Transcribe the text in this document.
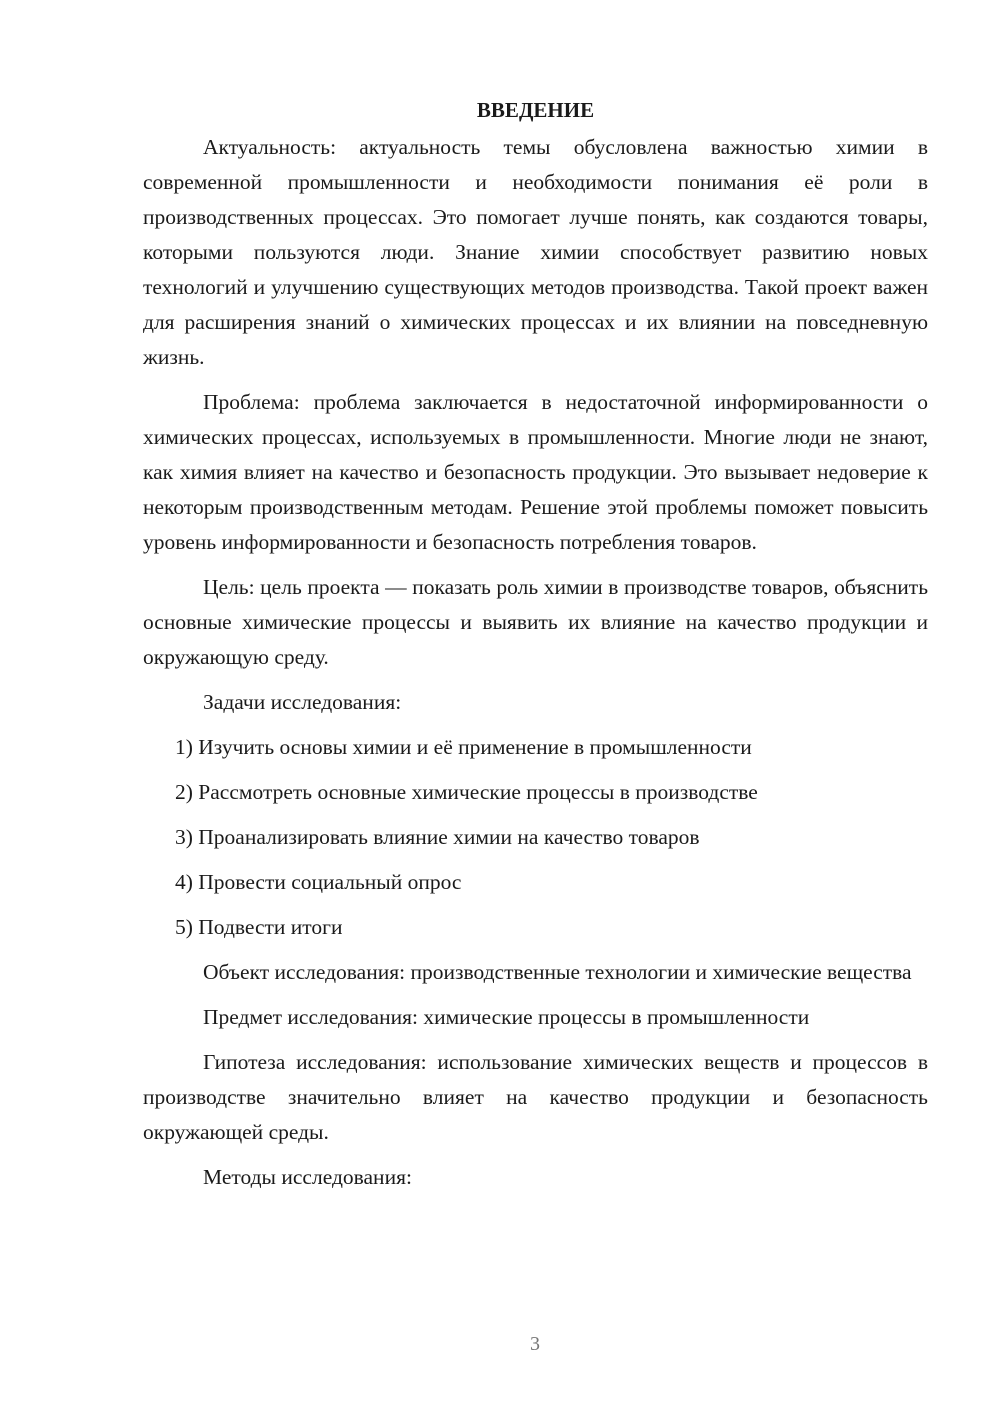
ВВЕДЕНИЕ

Актуальность: актуальность темы обусловлена важностью химии в современной промышленности и необходимости понимания её роли в производственных процессах. Это помогает лучше понять, как создаются товары, которыми пользуются люди. Знание химии способствует развитию новых технологий и улучшению существующих методов производства. Такой проект важен для расширения знаний о химических процессах и их влиянии на повседневную жизнь.

Проблема: проблема заключается в недостаточной информированности о химических процессах, используемых в промышленности. Многие люди не знают, как химия влияет на качество и безопасность продукции. Это вызывает недоверие к некоторым производственным методам. Решение этой проблемы поможет повысить уровень информированности и безопасность потребления товаров.

Цель: цель проекта — показать роль химии в производстве товаров, объяснить основные химические процессы и выявить их влияние на качество продукции и окружающую среду.

Задачи исследования:

1) Изучить основы химии и её применение в промышленности
2) Рассмотреть основные химические процессы в производстве
3) Проанализировать влияние химии на качество товаров
4) Провести социальный опрос
5) Подвести итоги

Объект исследования: производственные технологии и химические вещества

Предмет исследования: химические процессы в промышленности

Гипотеза исследования: использование химических веществ и процессов в производстве значительно влияет на качество продукции и безопасность окружающей среды.

Методы исследования:

3
